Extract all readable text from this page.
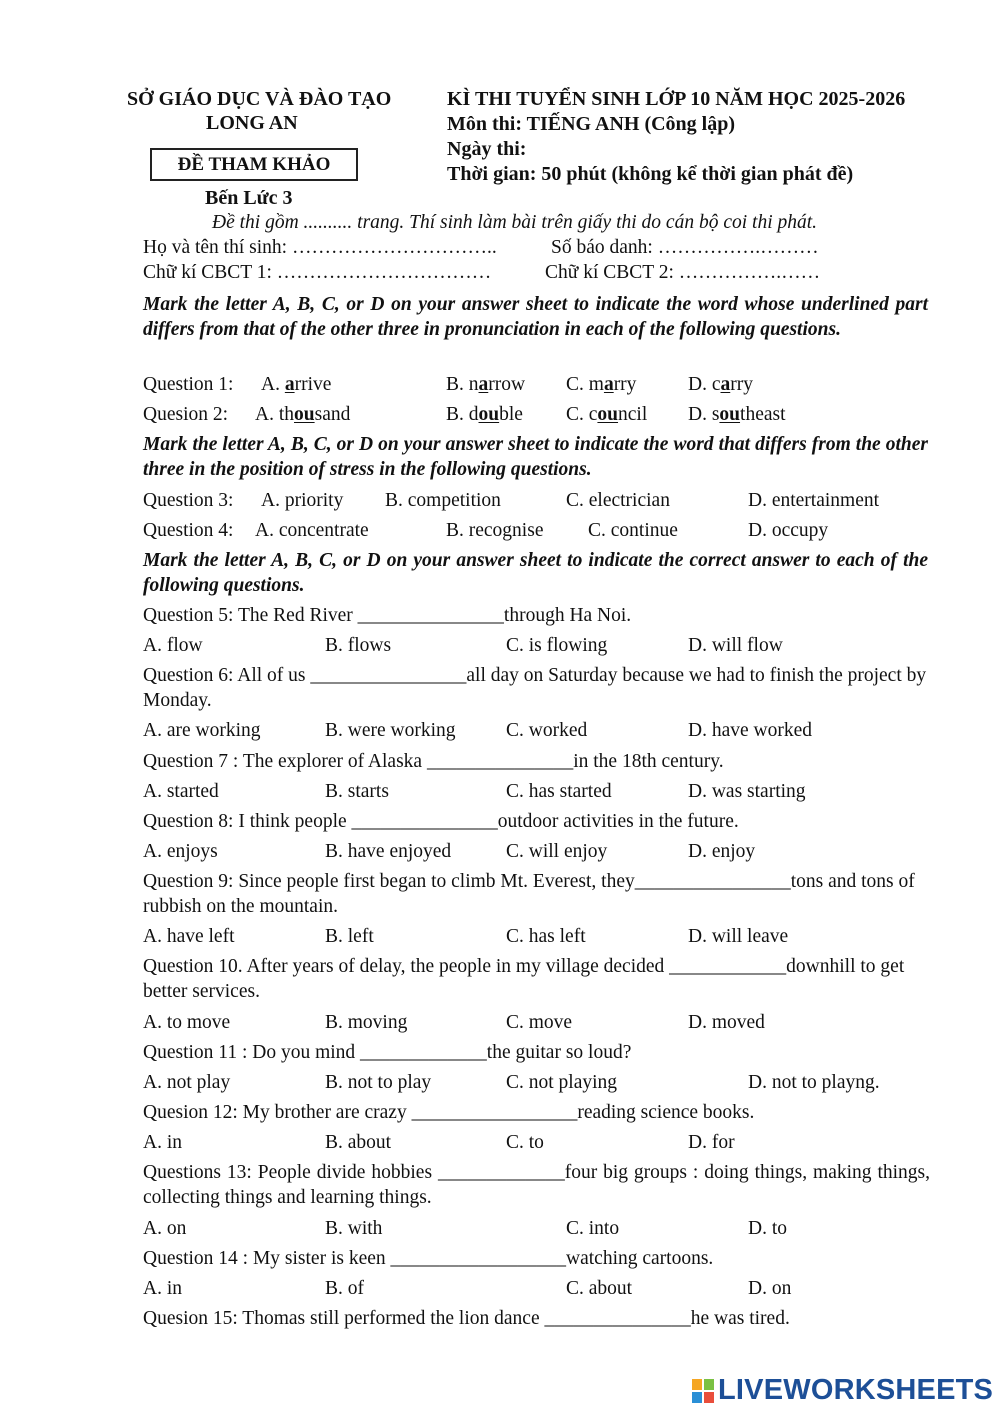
SỞ GIÁO DỤC VÀ ĐÀO TẠO
LONG AN
ĐỀ THAM KHẢO
Bến Lức 3
KÌ THI TUYỂN SINH LỚP 10 NĂM HỌC 2025-2026
Môn thi: TIẾNG ANH (Công lập)
Ngày thi:
Thời gian: 50 phút (không kể thời gian phát đề)
Đề thi gồm .......... trang. Thí sinh làm bài trên giấy thi do cán bộ coi thi phát.
Họ và tên thí sinh: …………………………..	Số báo danh: …………….………
Chữ kí CBCT 1: ……………………………	Chữ kí CBCT 2: …………….……
Mark the letter A, B, C, or D on your answer sheet to indicate the word whose underlined part differs from that of the other three in pronunciation in each of the following questions.
Question 1: A. arrive	B. narrow C. marry	D. carry
Quesion 2: A. thousand	B. double C. council D. southeast
Mark the letter A, B, C, or D on your answer sheet to indicate the word that differs from the other three in the position of stress in the following questions.
Question 3: A. priority B. competition	C. electrician	D. entertainment
Question 4: A. concentrate	B. recognise C. continue	D. occupy
Mark the letter A, B, C, or D on your answer sheet to indicate the correct answer to each of the following questions.
Question 5: The Red River _______________through Ha Noi.
A. flow	B. flows	C. is flowing	D. will flow
Question 6: All of us ________________all day on Saturday because we had to finish the project by Monday.
A. are working	B. were working	C. worked	D. have worked
Question 7 : The explorer of Alaska _______________in the 18th century.
A. started	B. starts	C. has started	D. was starting
Question 8: I think people _______________outdoor activities in the future.
A. enjoys	B. have enjoyed	C. will enjoy	D. enjoy
Question 9: Since people first began to climb Mt. Everest, they________________tons and tons of rubbish on the mountain.
A. have left	B. left	C. has left	D. will leave
Question 10. After years of delay, the people in my village decided ____________downhill to get better services.
A. to move	B. moving	C. move	D. moved
Question 11 : Do you mind _____________the guitar so loud?
A. not play	B. not to play	C. not playing	D. not to playng.
Quesion 12: My brother are crazy _________________reading science books.
A. in	B. about	C. to	D. for
Questions 13: People divide hobbies _____________four big groups : doing things, making things, collecting things and learning things.
A. on	B. with	C. into	D. to
Question 14 : My sister is keen __________________watching cartoons.
A. in	B. of	C. about	D. on
Quesion 15: Thomas still performed the lion dance _______________he was tired.
LIVEWORKSHEETS
